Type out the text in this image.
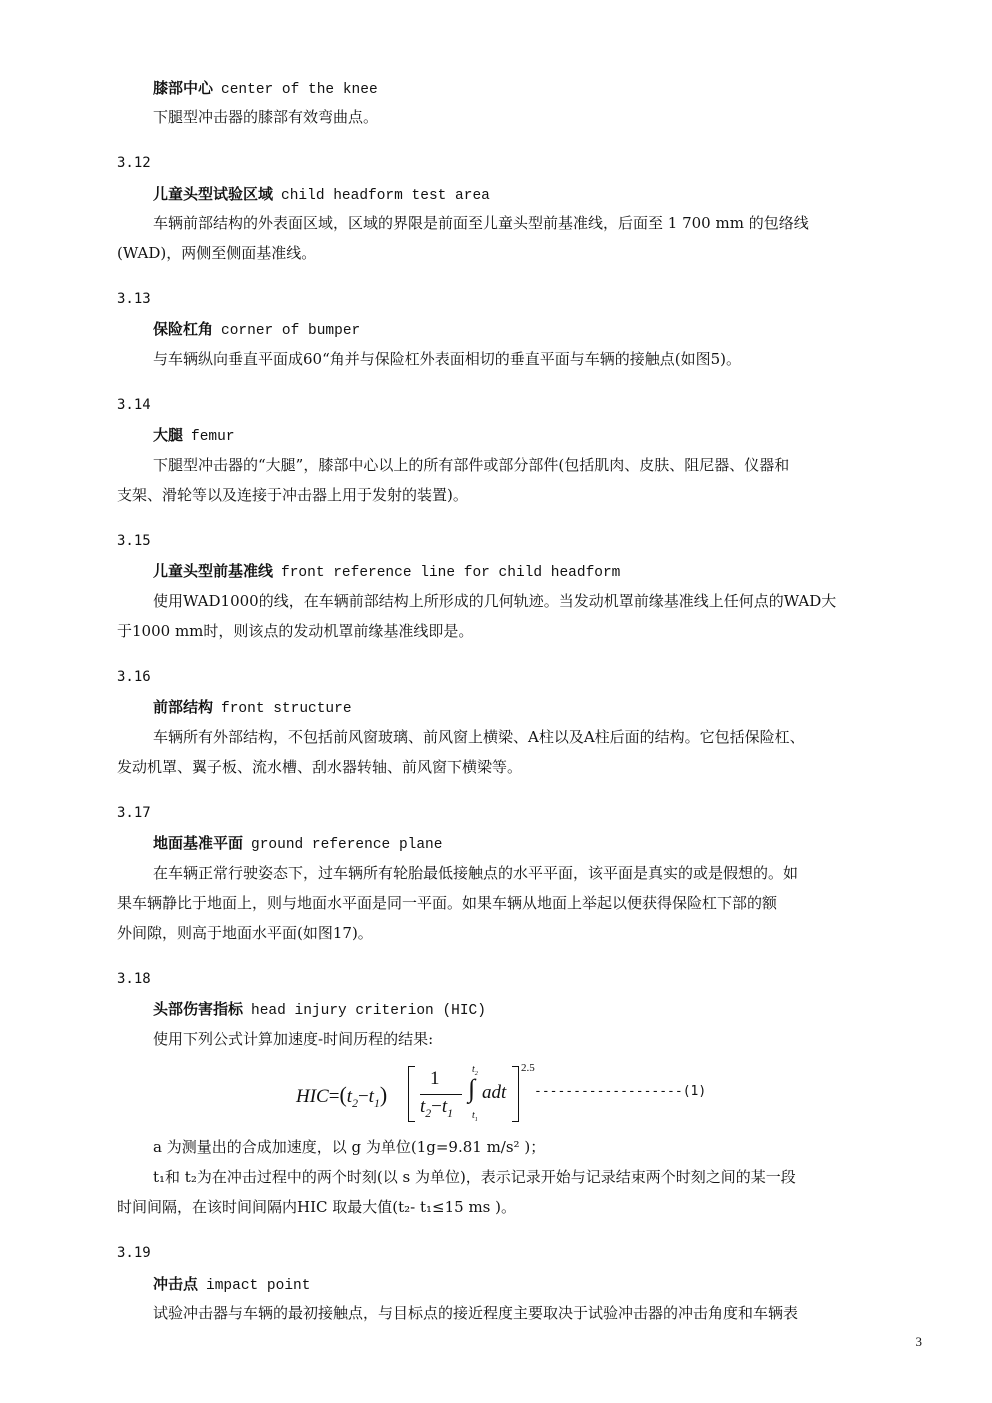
膝部中心 center of the knee
下腿型冲击器的膝部有效弯曲点。
3.12
儿童头型试验区域 child headform test area
车辆前部结构的外表面区域，区域的界限是前面至儿童头型前基准线，后面至 1 700 mm 的包络线
(WAD)，两侧至侧面基准线。
3.13
保险杠角 corner of bumper
与车辆纵向垂直平面成60“角并与保险杠外表面相切的垂直平面与车辆的接触点(如图5)。
3.14
大腿 femur
下腿型冲击器的“大腿”，膝部中心以上的所有部件或部分部件(包括肌肉、皮肤、阻尼器、仪器和
支架、滑轮等以及连接于冲击器上用于发射的装置)。
3.15
儿童头型前基准线 front reference line for child headform
使用WAD1000的线，在车辆前部结构上所形成的几何轨迹。当发动机罩前缘基准线上任何点的WAD大
于1000 mm时，则该点的发动机罩前缘基准线即是。
3.16
前部结构 front structure
车辆所有外部结构，不包括前风窗玻璃、前风窗上横梁、A柱以及A柱后面的结构。它包括保险杠、
发动机罩、翼子板、流水槽、刮水器转轴、前风窗下横梁等。
3.17
地面基准平面 ground reference plane
在车辆正常行驶姿态下，过车辆所有轮胎最低接触点的水平平面，该平面是真实的或是假想的。如
果车辆静比于地面上，则与地面水平面是同一平面。如果车辆从地面上举起以便获得保险杠下部的额
外间隙，则高于地面水平面(如图17)。
3.18
头部伤害指标 head injury criterion (HIC)
使用下列公式计算加速度-时间历程的结果:
$HIC=(t_2-t_1)$
1
$t_2-t_1$
∫
$t_2$
$t_1$
adt
2.5
-------------------(1)
a 为测量出的合成加速度，以 g 为单位(1g=9.81 m/s² )；
t₁和 t₂为在冲击过程中的两个时刻(以 s 为单位)，表示记录开始与记录结束两个时刻之间的某一段
时间间隔，在该时间间隔内HIC 取最大值(t₂- t₁≤15 ms )。
3.19
冲击点 impact point
试验冲击器与车辆的最初接触点，与目标点的接近程度主要取决于试验冲击器的冲击角度和车辆表
3
